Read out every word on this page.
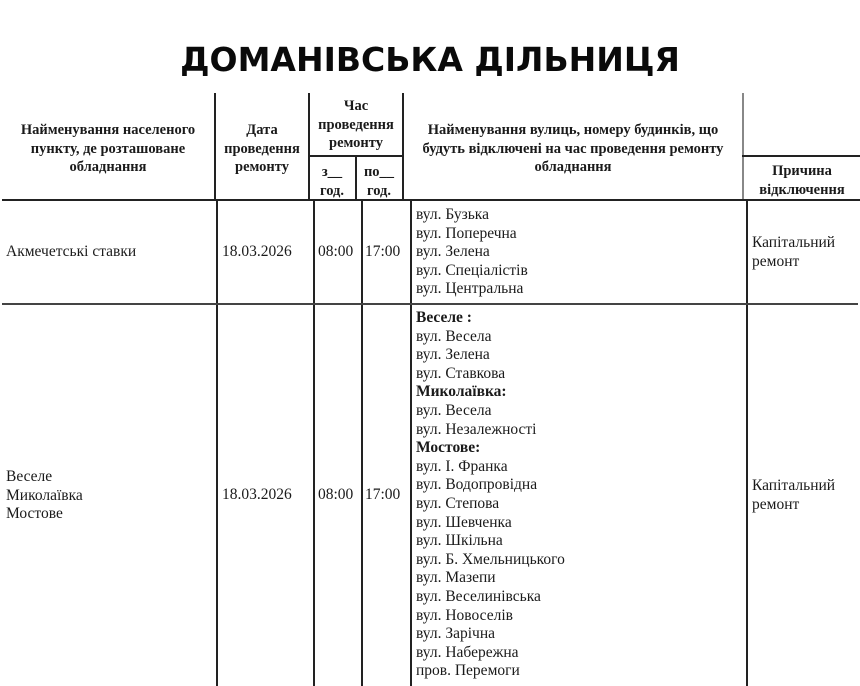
ДОМАНІВСЬКА ДІЛЬНИЦЯ
Найменування населеного пункту, де розташоване обладнання
Дата проведення ремонту
Час проведення ремонту
з__ год.
по__ год.
Найменування вулиць, номеру будинків, що будуть відключені на час проведення ремонту обладнання	Причина відключення
Акмечетські ставки	18.03.2026 08:00 17:00
вул. Бузька
вул. Поперечна
вул. Зелена
вул. Спеціалістів
вул. Центральна
Капітальний
ремонт
Веселе
Миколаївка
Мостове
18.03.2026 08:00 17:00
Веселе :
вул. Весела
вул. Зелена
вул. Ставкова
Миколаївка:
вул. Весела
вул. Незалежності
Мостове:
вул. І. Франка
вул. Водопровідна
вул. Степова
вул. Шевченка
вул. Шкільна
вул. Б. Хмельницького
вул. Мазепи
вул. Веселинівська
вул. Новоселів
вул. Зарічна
вул. Набережна
пров. Перемоги
Капітальний
ремонт
